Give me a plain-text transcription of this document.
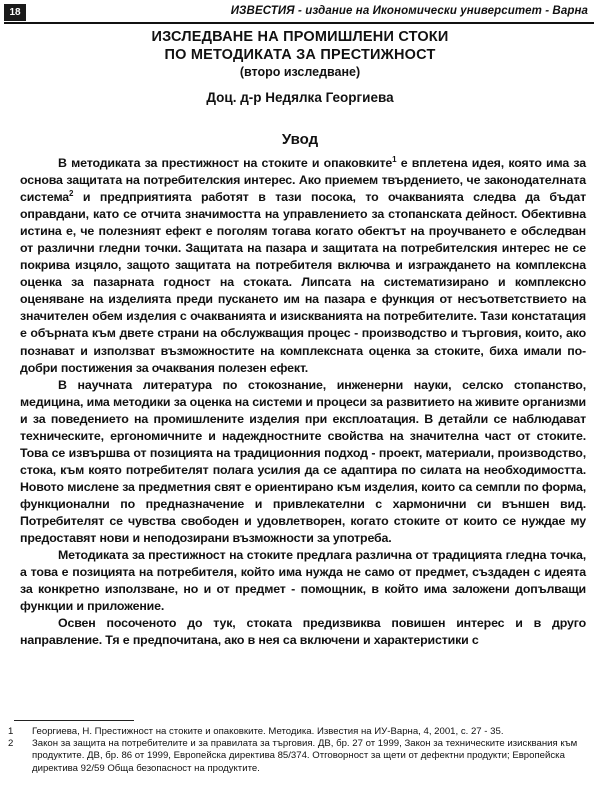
18	ИЗВЕСТИЯ - издание на Икономически университет - Варна
ИЗСЛЕДВАНЕ НА ПРОМИШЛЕНИ СТОКИ
ПО МЕТОДИКАТА ЗА ПРЕСТИЖНОСТ
(второ изследване)
Доц. д-р Недялка Георгиева
Увод

В методиката за престижност на стоките и опаковките$^1$ е вплетена идея, която има за основа защитата на потребителския интерес. Ако приемем твърдението, че законодателната система$^2$ и предприятията работят в тази посока, то очакванията следва да бъдат оправдани, като се отчита значимостта на управлението за стопанската дейност. Обективна истина е, че полезният ефект е поголям тогава когато обектът на проучването е обследван от различни гледни точки. Защитата на пазара и защитата на потребителския интерес не се покрива изцяло, защото защитата на потребителя включва и изграждането на комплексна оценка за пазарната годност на стоката. Липсата на систематизирано и комплексно оценяване на изделията преди пускането им на пазара е функция от несъответствието на значителен обем изделия с очакванията и изискванията на потребителите. Тази констатация е обърната към двете страни на обслужващия процес - производство и търговия, които, ако познават и използват възможностите на комплексната оценка за стоките, биха имали по-добри постижения за очаквания полезен ефект.

В научната литература по стокознание, инженерни науки, селско стопанство, медицина, има методики за оценка на системи и процеси за развитието на живите организми и за поведението на промишлените изделия при експлоатация. В детайли се наблюдават техническите, ергономичните и надеждностните свойства на значителна част от стоките. Това се извършва от позицията на традиционния подход - проект, материали, производство, стока, към която потребителят полага усилия да се адаптира по силата на необходимостта. Новото мислене за предметния свят е ориентирано към изделия, които са семпли по форма, функционални по предназначение и привлекателни с хармонични си външен вид. Потребителят се чувства свободен и удовлетворен, когато стоките от които се нуждае му предоставят нови и неподозирани възможности за употреба.

Методиката за престижност на стоките предлага различна от традицията гледна точка, а това е позицията на потребителя, който има нужда не само от предмет, създаден с идеята за конкретно използване, но и от предмет - помощник, в който има заложени допълващи функции и приложение.

Освен посоченото до тук, стоката предизвиква повишен интерес и в друго направление. Тя е предпочитана, ако в нея са включени и характеристики с

1	Георгиева, Н. Престижност на стоките и опаковките. Методика. Известия на ИУ-Варна, 4, 2001, с. 27 - 35.
2	Закон за защита на потребителите и за правилата за търговия. ДВ, бр. 27 от 1999, Закон за техническите изисквания към продуктите. ДВ, бр. 86 от 1999, Европейска директива 85/374. Отговорност за щети от дефектни продукти; Европейска директива 92/59 Обща безопасност на продуктите.
